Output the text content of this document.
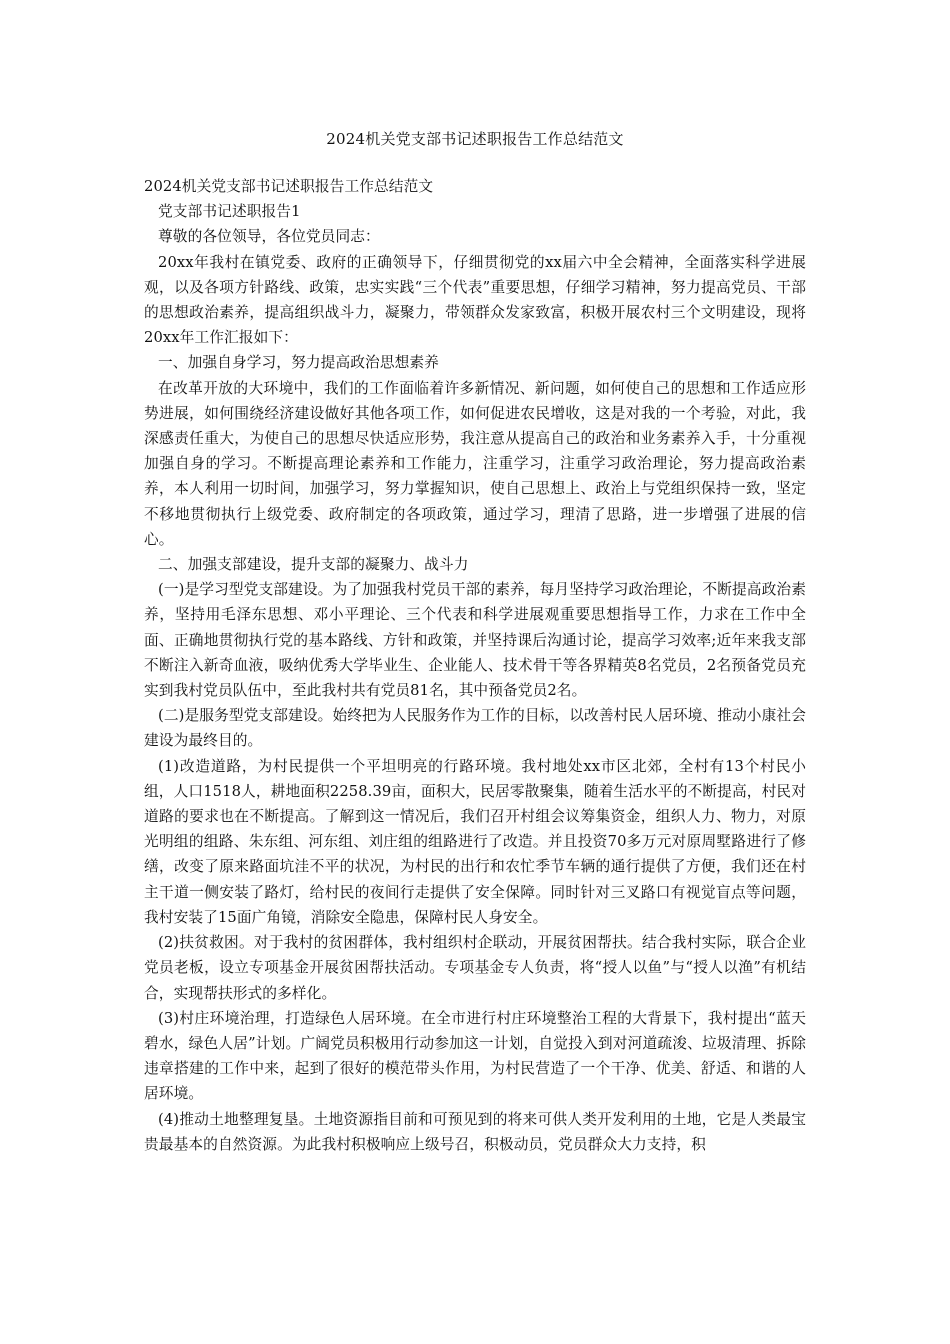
2024机关党支部书记述职报告工作总结范文

2024机关党支部书记述职报告工作总结范文

党支部书记述职报告1

尊敬的各位领导，各位党员同志：

20xx年我村在镇党委、政府的正确领导下，仔细贯彻党的xx届六中全会精神，全面落实科学进展观，以及各项方针路线、政策，忠实实践“三个代表”重要思想，仔细学习精神，努力提高党员、干部的思想政治素养，提高组织战斗力，凝聚力，带领群众发家致富，积极开展农村三个文明建设，现将20xx年工作汇报如下：

一、加强自身学习，努力提高政治思想素养

在改革开放的大环境中，我们的工作面临着许多新情况、新问题，如何使自己的思想和工作适应形势进展，如何围绕经济建设做好其他各项工作，如何促进农民增收，这是对我的一个考验，对此，我深感责任重大，为使自己的思想尽快适应形势，我注意从提高自己的政治和业务素养入手，十分重视加强自身的学习。不断提高理论素养和工作能力，注重学习，注重学习政治理论，努力提高政治素养，本人利用一切时间，加强学习，努力掌握知识，使自己思想上、政治上与党组织保持一致，坚定不移地贯彻执行上级党委、政府制定的各项政策，通过学习，理清了思路，进一步增强了进展的信心。

二、加强支部建设，提升支部的凝聚力、战斗力

(一)是学习型党支部建设。为了加强我村党员干部的素养，每月坚持学习政治理论，不断提高政治素养，坚持用毛泽东思想、邓小平理论、三个代表和科学进展观重要思想指导工作，力求在工作中全面、正确地贯彻执行党的基本路线、方针和政策，并坚持课后沟通讨论，提高学习效率;近年来我支部不断注入新奇血液，吸纳优秀大学毕业生、企业能人、技术骨干等各界精英8名党员，2名预备党员充实到我村党员队伍中，至此我村共有党员81名，其中预备党员2名。

(二)是服务型党支部建设。始终把为人民服务作为工作的目标，以改善村民人居环境、推动小康社会建设为最终目的。

(1)改造道路，为村民提供一个平坦明亮的行路环境。我村地处xx市区北郊，全村有13个村民小组，人口1518人，耕地面积2258.39亩，面积大，民居零散聚集，随着生活水平的不断提高，村民对道路的要求也在不断提高。了解到这一情况后，我们召开村组会议筹集资金，组织人力、物力，对原光明组的组路、朱东组、河东组、刘庄组的组路进行了改造。并且投资70多万元对原周墅路进行了修缮，改变了原来路面坑洼不平的状况，为村民的出行和农忙季节车辆的通行提供了方便，我们还在村主干道一侧安装了路灯，给村民的夜间行走提供了安全保障。同时针对三叉路口有视觉盲点等问题，我村安装了15面广角镜，消除安全隐患，保障村民人身安全。

(2)扶贫救困。对于我村的贫困群体，我村组织村企联动，开展贫困帮扶。结合我村实际，联合企业党员老板，设立专项基金开展贫困帮扶活动。专项基金专人负责，将“授人以鱼”与“授人以渔”有机结合，实现帮扶形式的多样化。

(3)村庄环境治理，打造绿色人居环境。在全市进行村庄环境整治工程的大背景下，我村提出“蓝天碧水，绿色人居”计划。广阔党员积极用行动参加这一计划，自觉投入到对河道疏浚、垃圾清理、拆除违章搭建的工作中来，起到了很好的模范带头作用，为村民营造了一个干净、优美、舒适、和谐的人居环境。

(4)推动土地整理复垦。土地资源指目前和可预见到的将来可供人类开发利用的土地，它是人类最宝贵最基本的自然资源。为此我村积极响应上级号召，积极动员，党员群众大力支持，积
